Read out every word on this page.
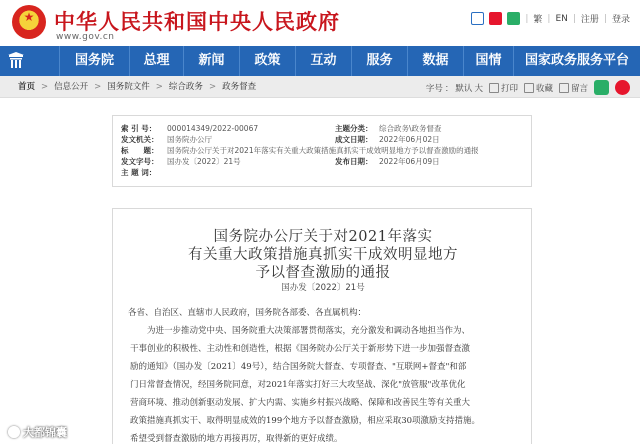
★
中华人民共和国中央人民政府
www.gov.cn
| 繁 | EN | 注册 | 登录
国务院	总理	新闻	政策	互动	服务	数据	国情	国家政务服务平台
首页 > 信息公开 > 国务院文件 > 综合政务 > 政务督查	字号 ： 默认 大 打印 收藏 留言
索 引 号： 000014349/2022-00067	主题分类： 综合政务\政务督查
发文机关： 国务院办公厅	成文日期： 2022年06月02日
标　　题： 国务院办公厅关于对2021年落实有关重大政策措施真抓实干成效明显地方予以督查激励的通报
发文字号： 国办发〔2022〕21号	发布日期： 2022年06月09日
主 题 词：
国务院办公厅关于对2021年落实
有关重大政策措施真抓实干成效明显地方
予以督查激励的通报
国办发〔2022〕21号
各省、自治区、直辖市人民政府，国务院各部委、各直属机构：
为进一步推动党中央、国务院重大决策部署贯彻落实，充分激发和调动各地担当作为、
干事创业的积极性、主动性和创造性，根据《国务院办公厅关于新形势下进一步加强督查激
励的通知》（国办发〔2021〕49号），结合国务院大督查、专项督查、"互联网+督查"和部
门日常督查情况，经国务院同意，对2021年落实打好三大攻坚战、深化"放管服"改革优化
营商环境、推动创新驱动发展、扩大内需、实施乡村振兴战略、保障和改善民生等有关重大
政策措施真抓实干、取得明显成效的199个地方予以督查激励，相应采取30项激励支持措施。
希望受到督查激励的地方再接再厉，取得新的更好成绩。
大都锦囊
